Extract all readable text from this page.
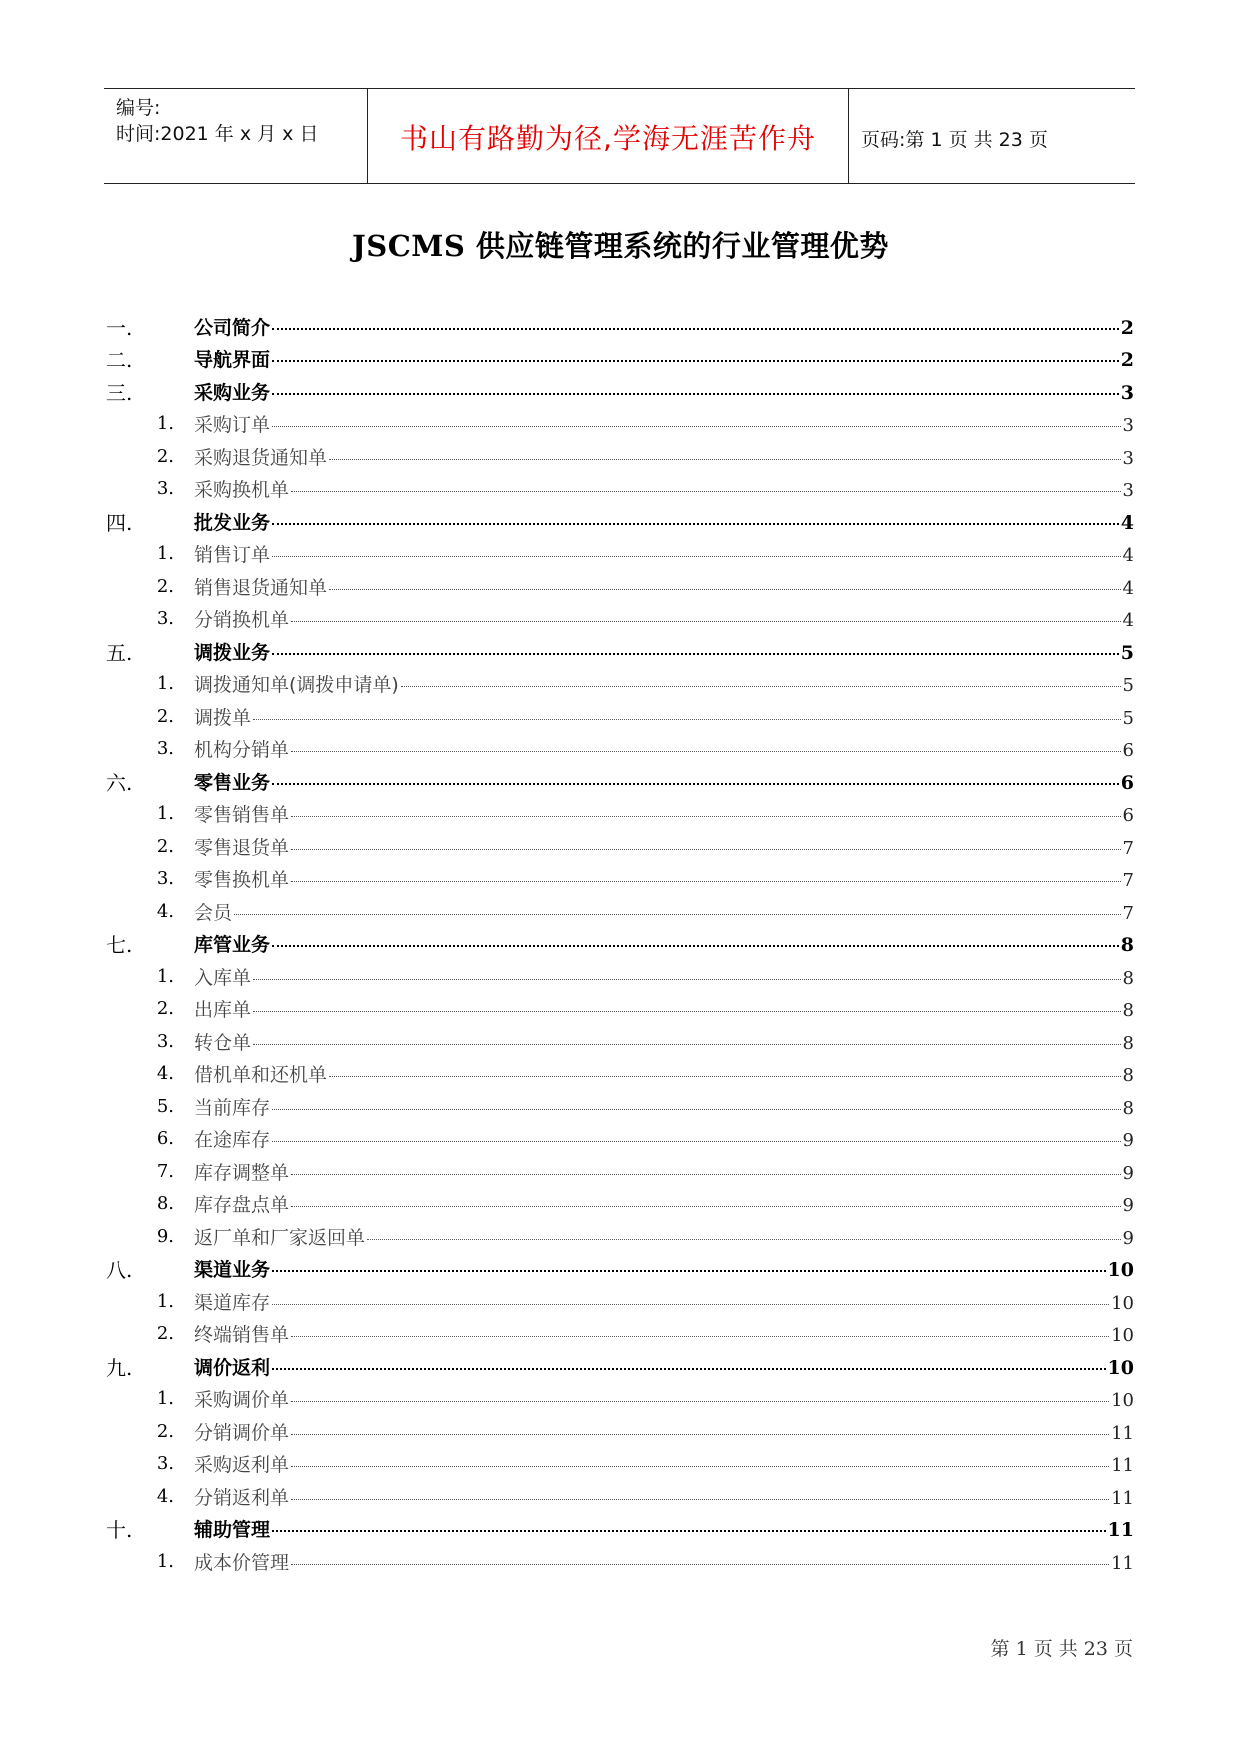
编号:
时间:2021 年 x 月 x 日	书山有路勤为径,学海无涯苦作舟	页码:第 1 页 共 23 页
JSCMS 供应链管理系统的行业管理优势
一.	公司简介	2
二.	导航界面	2
三.	采购业务	3
1. 采购订单	3
2. 采购退货通知单	3
3. 采购换机单	3
四.	批发业务	4
1. 销售订单	4
2. 销售退货通知单	4
3. 分销换机单	4
五.	调拨业务	5
1. 调拨通知单(调拨申请单)	5
2. 调拨单	5
3. 机构分销单	6
六.	零售业务	6
1. 零售销售单	6
2. 零售退货单	7
3. 零售换机单	7
4. 会员	7
七.	库管业务	8
1. 入库单	8
2. 出库单	8
3. 转仓单	8
4. 借机单和还机单	8
5. 当前库存	8
6. 在途库存	9
7. 库存调整单	9
8. 库存盘点单	9
9. 返厂单和厂家返回单	9
八.	渠道业务	10
1. 渠道库存	10
2. 终端销售单	10
九.	调价返利	10
1. 采购调价单	10
2. 分销调价单	11
3. 采购返利单	11
4. 分销返利单	11
十.	辅助管理	11
1. 成本价管理	11
第 1 页 共 23 页
